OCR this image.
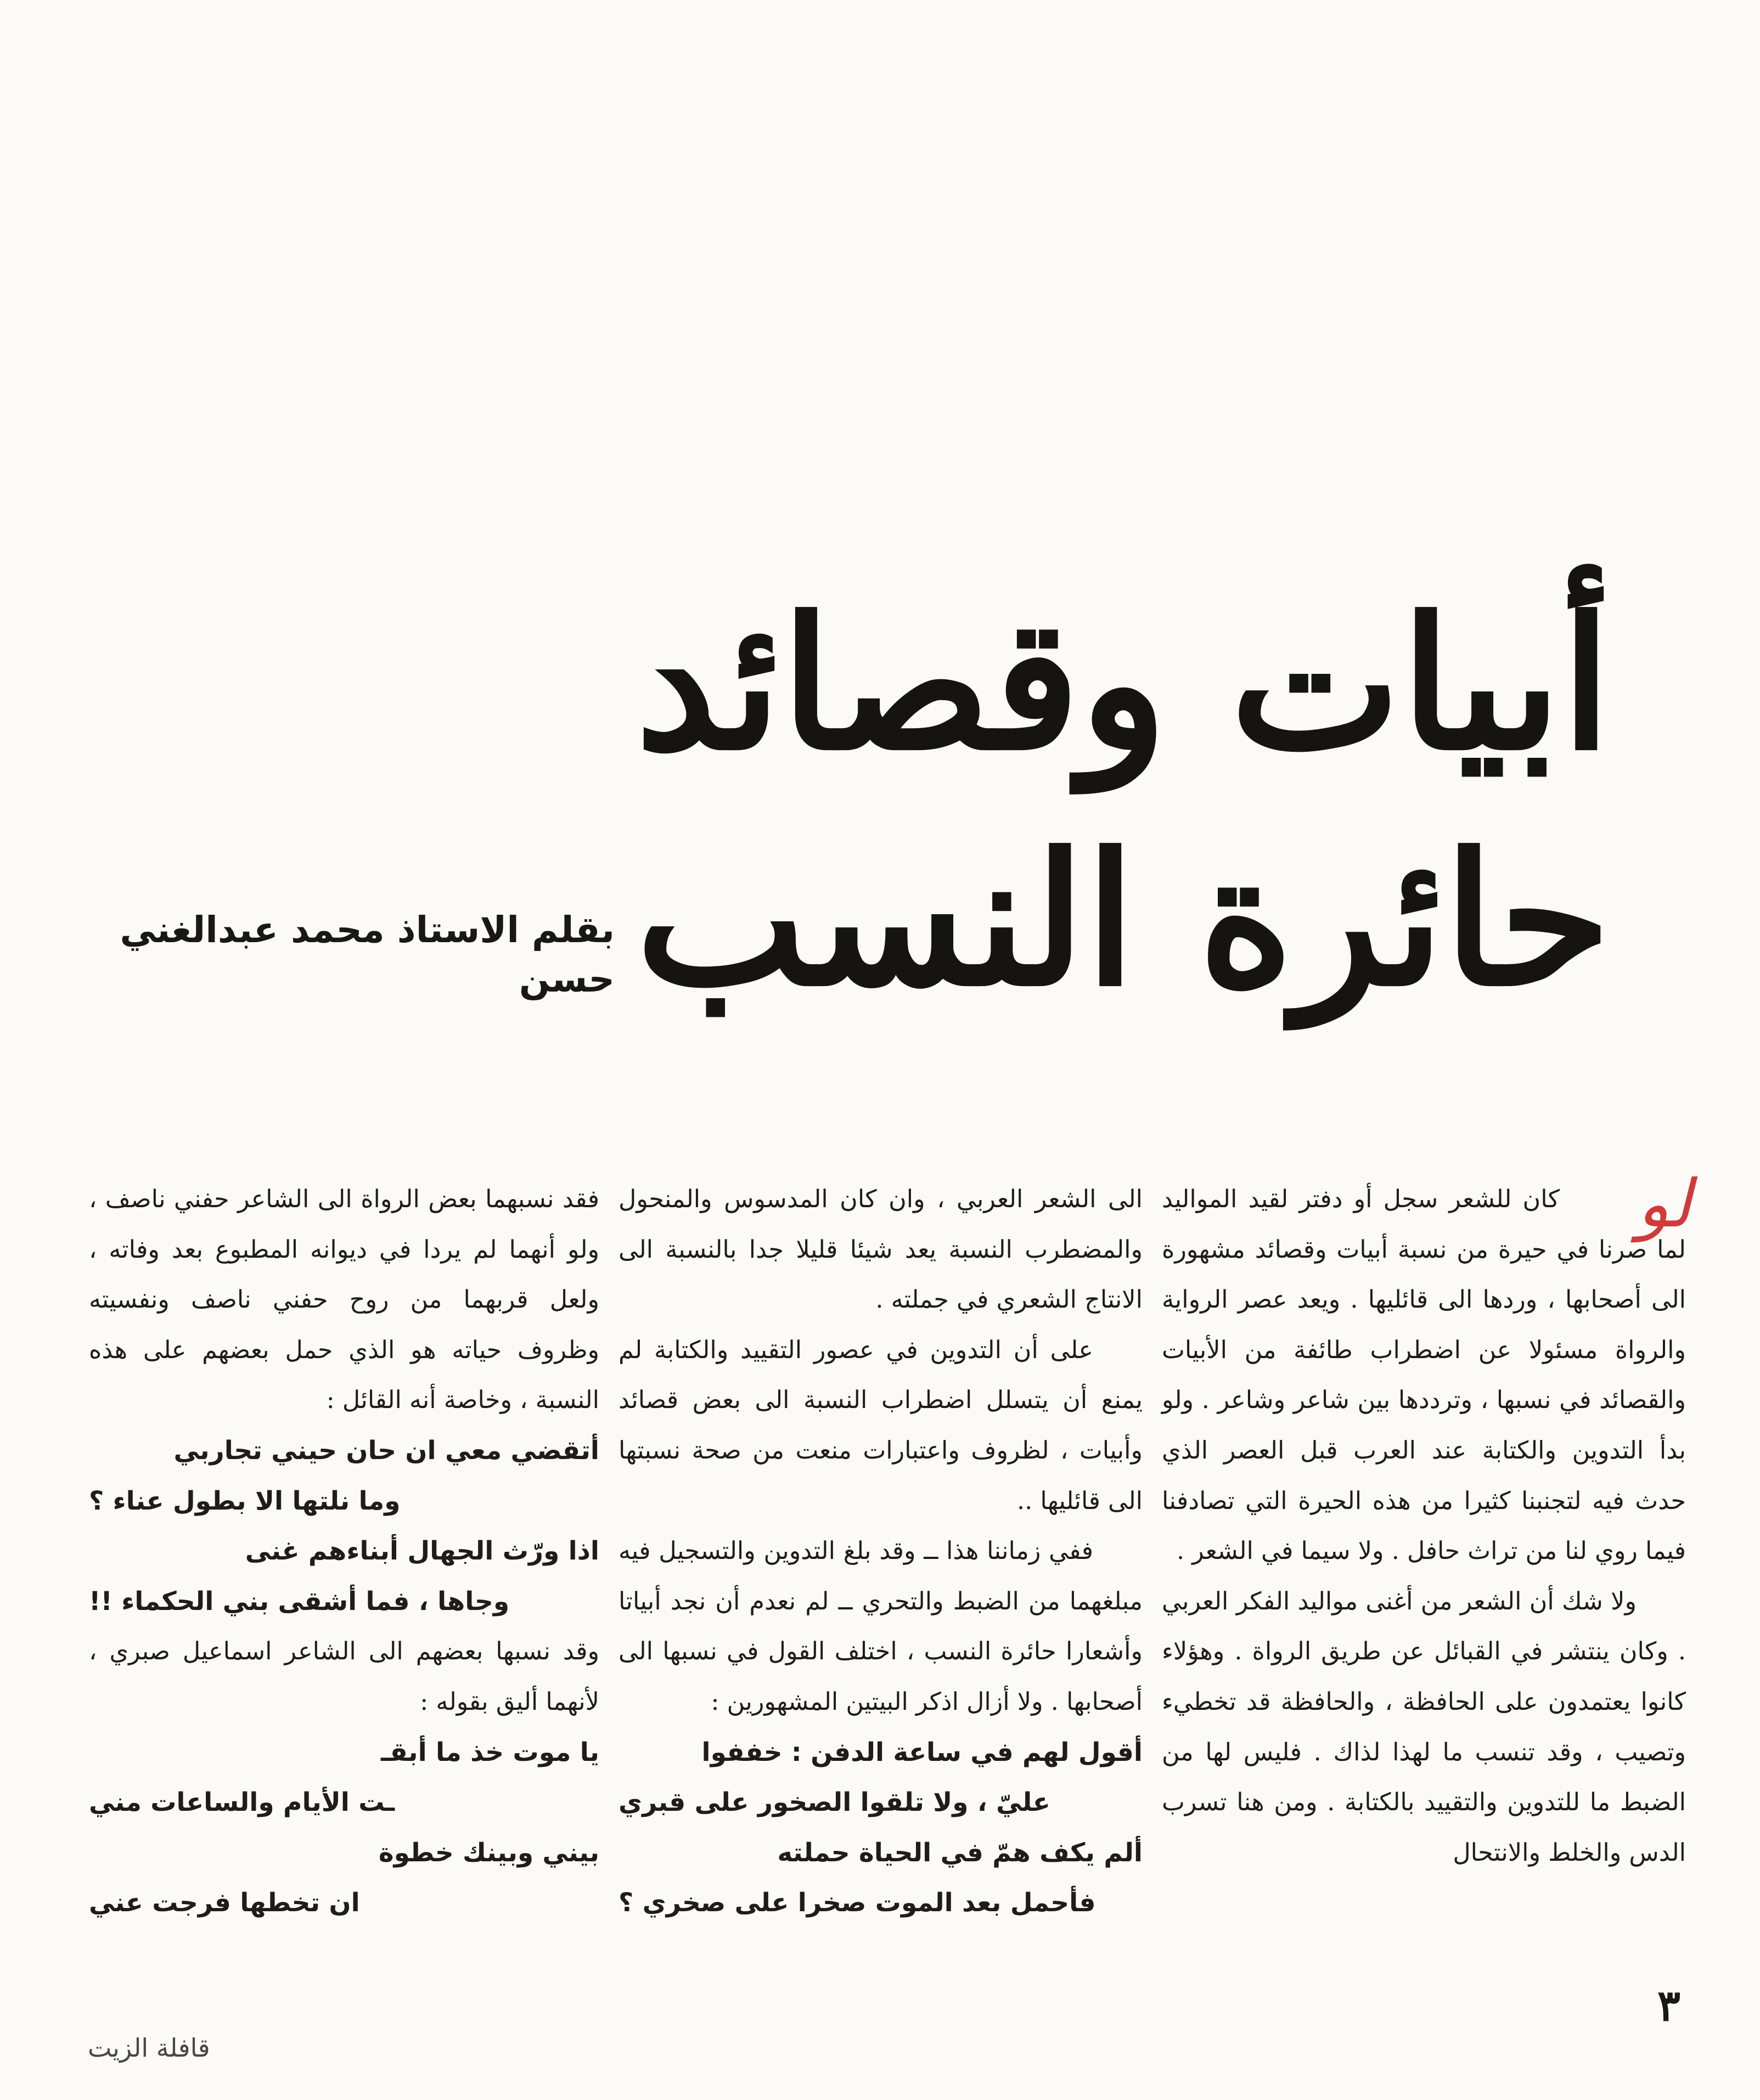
أبيات وقصائد
حائرة النسب
بقلم الاستاذ محمد عبدالغني حسن
لو

كان للشعر سجل أو دفتر لقيد المواليد لما صرنا في حيرة من نسبة أبيات وقصائد مشهورة الى أصحابها ، وردها الى قائليها . ويعد عصر الرواية والرواة مسئولا عن اضطراب طائفة من الأبيات والقصائد في نسبها ، وترددها بين شاعر وشاعر . ولو بدأ التدوين والكتابة عند العرب قبل العصر الذي حدث فيه لتجنبنا كثيرا من هذه الحيرة التي تصادفنا فيما روي لنا من تراث حافل . ولا سيما في الشعر .

ولا شك أن الشعر من أغنى مواليد الفكر العربي . وكان ينتشر في القبائل عن طريق الرواة . وهؤلاء كانوا يعتمدون على الحافظة ، والحافظة قد تخطيء وتصيب ، وقد تنسب ما لهذا لذاك . فليس لها من الضبط ما للتدوين والتقييد بالكتابة . ومن هنا تسرب الدس والخلط والانتحال

الى الشعر العربي ، وان كان المدسوس والمنحول والمضطرب النسبة يعد شيئا قليلا جدا بالنسبة الى الانتاج الشعري في جملته .

على أن التدوين في عصور التقييد والكتابة لم يمنع أن يتسلل اضطراب النسبة الى بعض قصائد وأبيات ، لظروف واعتبارات منعت من صحة نسبتها الى قائليها ..

ففي زماننا هذا ــ وقد بلغ التدوين والتسجيل فيه مبلغهما من الضبط والتحري ــ لم نعدم أن نجد أبياتا وأشعارا حائرة النسب ، اختلف القول في نسبها الى أصحابها . ولا أزال اذكر البيتين المشهورين :

أقول لهم في ساعة الدفن : خففوا

عليّ ، ولا تلقوا الصخور على قبري

ألم يكف همّ في الحياة حملته

فأحمل بعد الموت صخرا على صخري ؟

فقد نسبهما بعض الرواة الى الشاعر حفني ناصف ، ولو أنهما لم يردا في ديوانه المطبوع بعد وفاته ، ولعل قربهما من روح حفني ناصف ونفسيته وظروف حياته هو الذي حمل بعضهم على هذه النسبة ، وخاصة أنه القائل :

أتقضي معي ان حان حيني تجاربي

وما نلتها الا بطول عناء ؟

اذا ورّث الجهال أبناءهم غنى

وجاها ، فما أشقى بني الحكماء !!

وقد نسبها بعضهم الى الشاعر اسماعيل صبري ، لأنهما أليق بقوله :

يا موت خذ ما أبقـ

ـت الأيام والساعات مني

بيني وبينك خطوة

ان تخطها فرجت عني

٣
قافلة الزيت
